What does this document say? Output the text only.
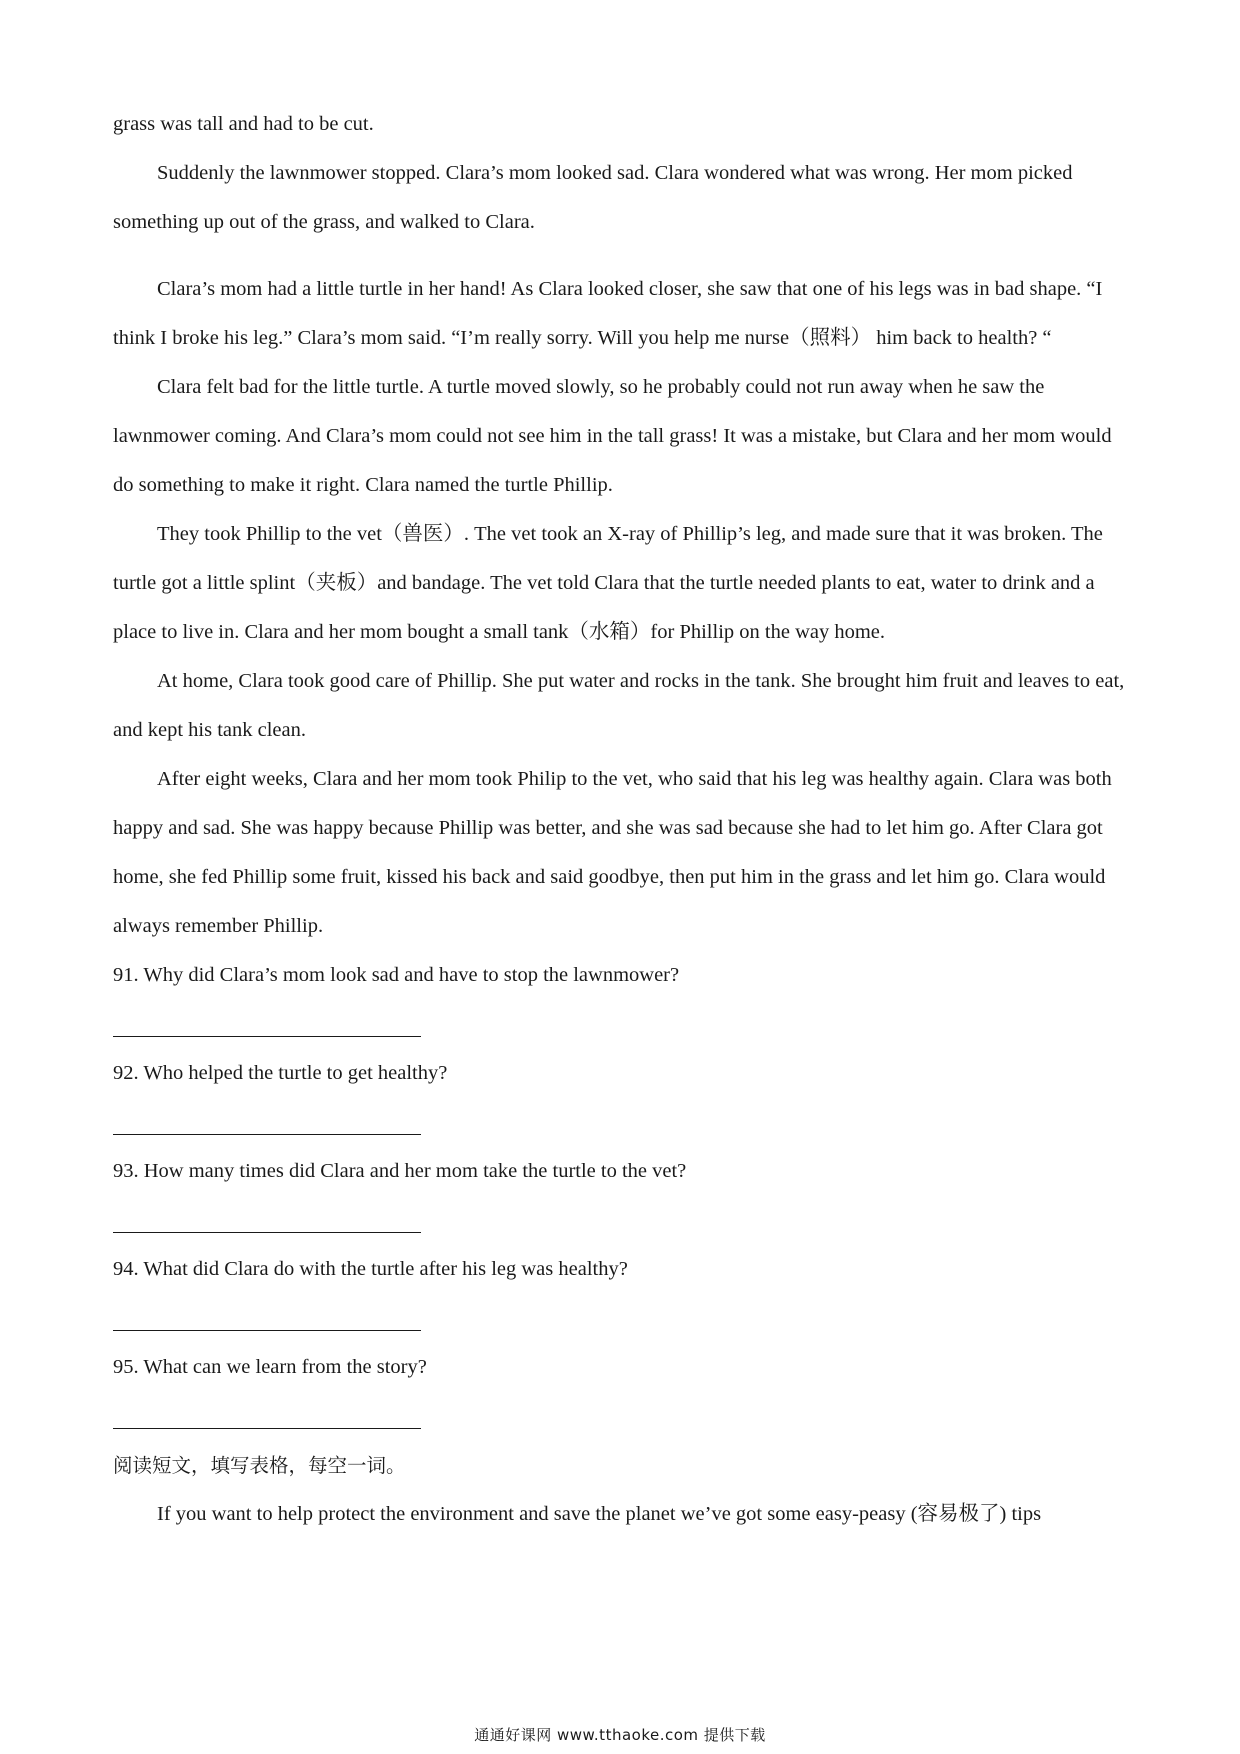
grass was tall and had to be cut.

Suddenly the lawnmower stopped. Clara’s mom looked sad. Clara wondered what was wrong. Her mom picked something up out of the grass, and walked to Clara.

Clara’s mom had a little turtle in her hand! As Clara looked closer, she saw that one of his legs was in bad shape. “I think I broke his leg.” Clara’s mom said. “I’m really sorry. Will you help me nurse（照料） him back to health? “

Clara felt bad for the little turtle. A turtle moved slowly, so he probably could not run away when he saw the lawnmower coming. And Clara’s mom could not see him in the tall grass! It was a mistake, but Clara and her mom would do something to make it right. Clara named the turtle Phillip.

They took Phillip to the vet（兽医）. The vet took an X-ray of Phillip’s leg, and made sure that it was broken. The turtle got a little splint（夹板）and bandage. The vet told Clara that the turtle needed plants to eat, water to drink and a place to live in. Clara and her mom bought a small tank（水箱）for Phillip on the way home.

At home, Clara took good care of Phillip. She put water and rocks in the tank. She brought him fruit and leaves to eat, and kept his tank clean.

After eight weeks, Clara and her mom took Philip to the vet, who said that his leg was healthy again. Clara was both happy and sad. She was happy because Phillip was better, and she was sad because she had to let him go. After Clara got home, she fed Phillip some fruit, kissed his back and said goodbye, then put him in the grass and let him go. Clara would always remember Phillip.

91. Why did Clara’s mom look sad and have to stop the lawnmower?

92. Who helped the turtle to get healthy?

93. How many times did Clara and her mom take the turtle to the vet?

94. What did Clara do with the turtle after his leg was healthy?

95. What can we learn from the story?

阅读短文，填写表格，每空一词。

If you want to help protect the environment and save the planet we’ve got some easy-peasy (容易极了) tips

通通好课网 www.tthaoke.com 提供下载
